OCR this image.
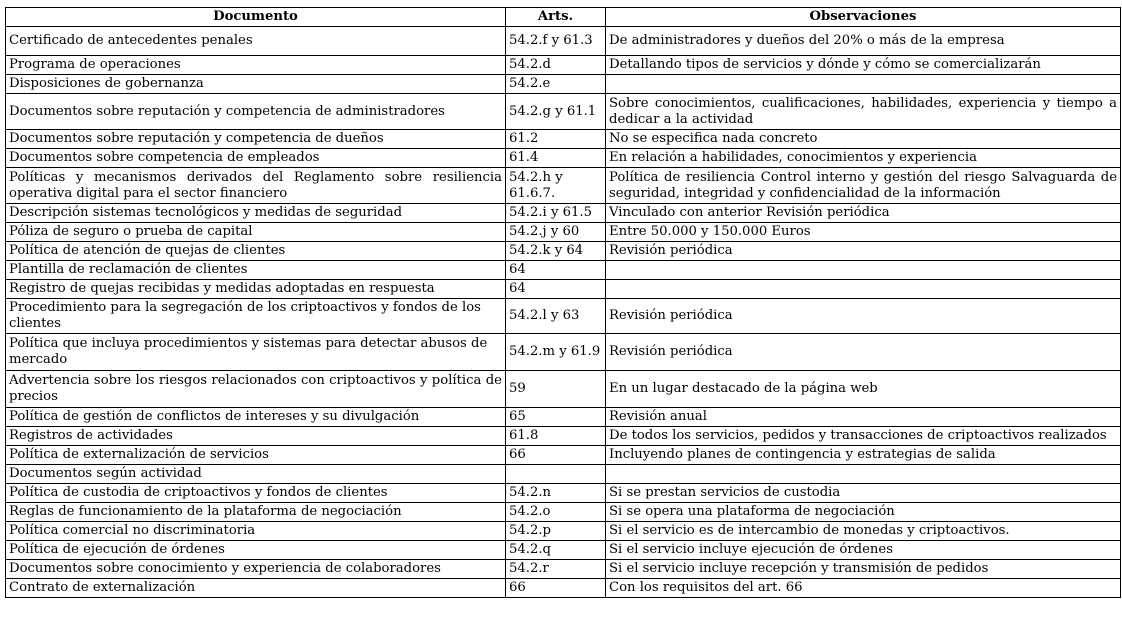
Documento	Arts.	Observaciones
Certificado de antecedentes penales	54.2.f y 61.3	De administradores y dueños del 20% o más de la empresa
Programa de operaciones	54.2.d	Detallando tipos de servicios y dónde y cómo se comercializarán
Disposiciones de gobernanza	54.2.e	
Documentos sobre reputación y competencia de administradores	54.2.g y 61.1	Sobre conocimientos, cualificaciones, habilidades, experiencia y tiempo a dedicar a la actividad
Documentos sobre reputación y competencia de dueños	61.2	No se especifica nada concreto
Documentos sobre competencia de empleados	61.4	En relación a habilidades, conocimientos y experiencia
Políticas y mecanismos derivados del Reglamento sobre resiliencia operativa digital para el sector financiero	54.2.h y 61.6.7.	Política de resiliencia Control interno y gestión del riesgo Salvaguarda de seguridad, integridad y confidencialidad de la información
Descripción sistemas tecnológicos y medidas de seguridad	54.2.i y 61.5	Vinculado con anterior Revisión periódica
Póliza de seguro o prueba de capital	54.2.j y 60	Entre 50.000 y 150.000 Euros
Política de atención de quejas de clientes	54.2.k y 64	Revisión periódica
Plantilla de reclamación de clientes	64	
Registro de quejas recibidas y medidas adoptadas en respuesta	64	
Procedimiento para la segregación de los criptoactivos y fondos de los clientes	54.2.l y 63	Revisión periódica
Política que incluya procedimientos y sistemas para detectar abusos de mercado	54.2.m y 61.9	Revisión periódica
Advertencia sobre los riesgos relacionados con criptoactivos y política de precios	59	En un lugar destacado de la página web
Política de gestión de conflictos de intereses y su divulgación	65	Revisión anual
Registros de actividades	61.8	De todos los servicios, pedidos y transacciones de criptoactivos realizados
Política de externalización de servicios	66	Incluyendo planes de contingencia y estrategias de salida
Documentos según actividad		
Política de custodia de criptoactivos y fondos de clientes	54.2.n	Si se prestan servicios de custodia
Reglas de funcionamiento de la plataforma de negociación	54.2.o	Si se opera una plataforma de negociación
Política comercial no discriminatoria	54.2.p	Si el servicio es de intercambio de monedas y criptoactivos.
Política de ejecución de órdenes	54.2.q	Si el servicio incluye ejecución de órdenes
Documentos sobre conocimiento y experiencia de colaboradores	54.2.r	Si el servicio incluye recepción y transmisión de pedidos
Contrato de externalización	66	Con los requisitos del art. 66
